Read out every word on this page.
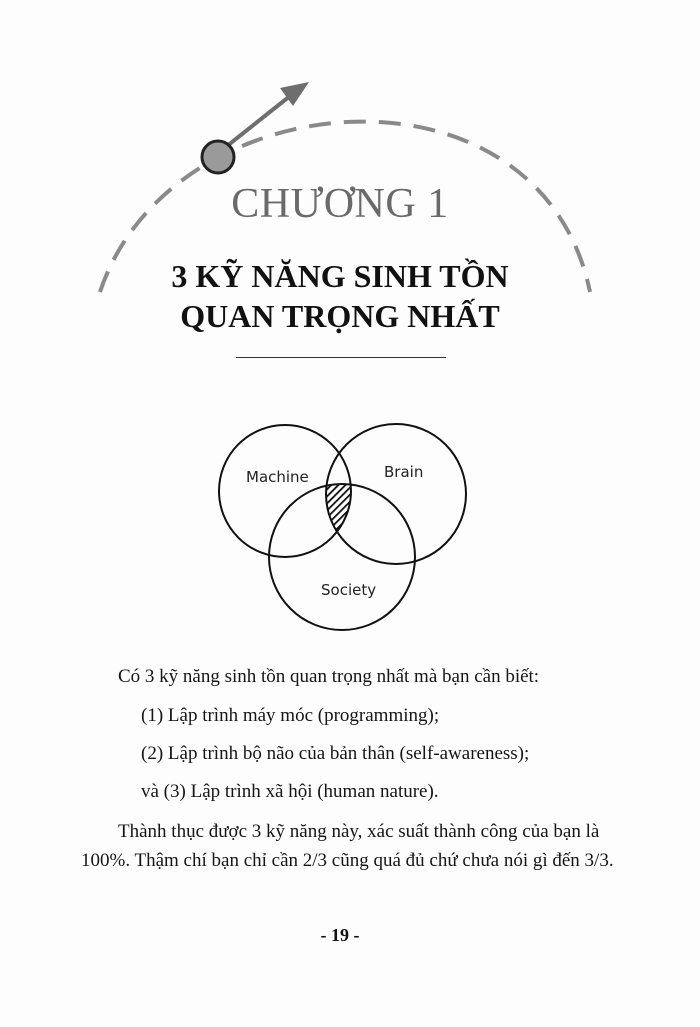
CHƯƠNG 1
3 KỸ NĂNG SINH TỒN
QUAN TRỌNG NHẤT
Machine	Brain
Society

Có 3 kỹ năng sinh tồn quan trọng nhất mà bạn cần biết:

(1) Lập trình máy móc (programming);

(2) Lập trình bộ não của bản thân (self-awareness);

và (3) Lập trình xã hội (human nature).

Thành thục được 3 kỹ năng này, xác suất thành công của bạn là 100%. Thậm chí bạn chỉ cần 2/3 cũng quá đủ chứ chưa nói gì đến 3/3.

- 19 -
